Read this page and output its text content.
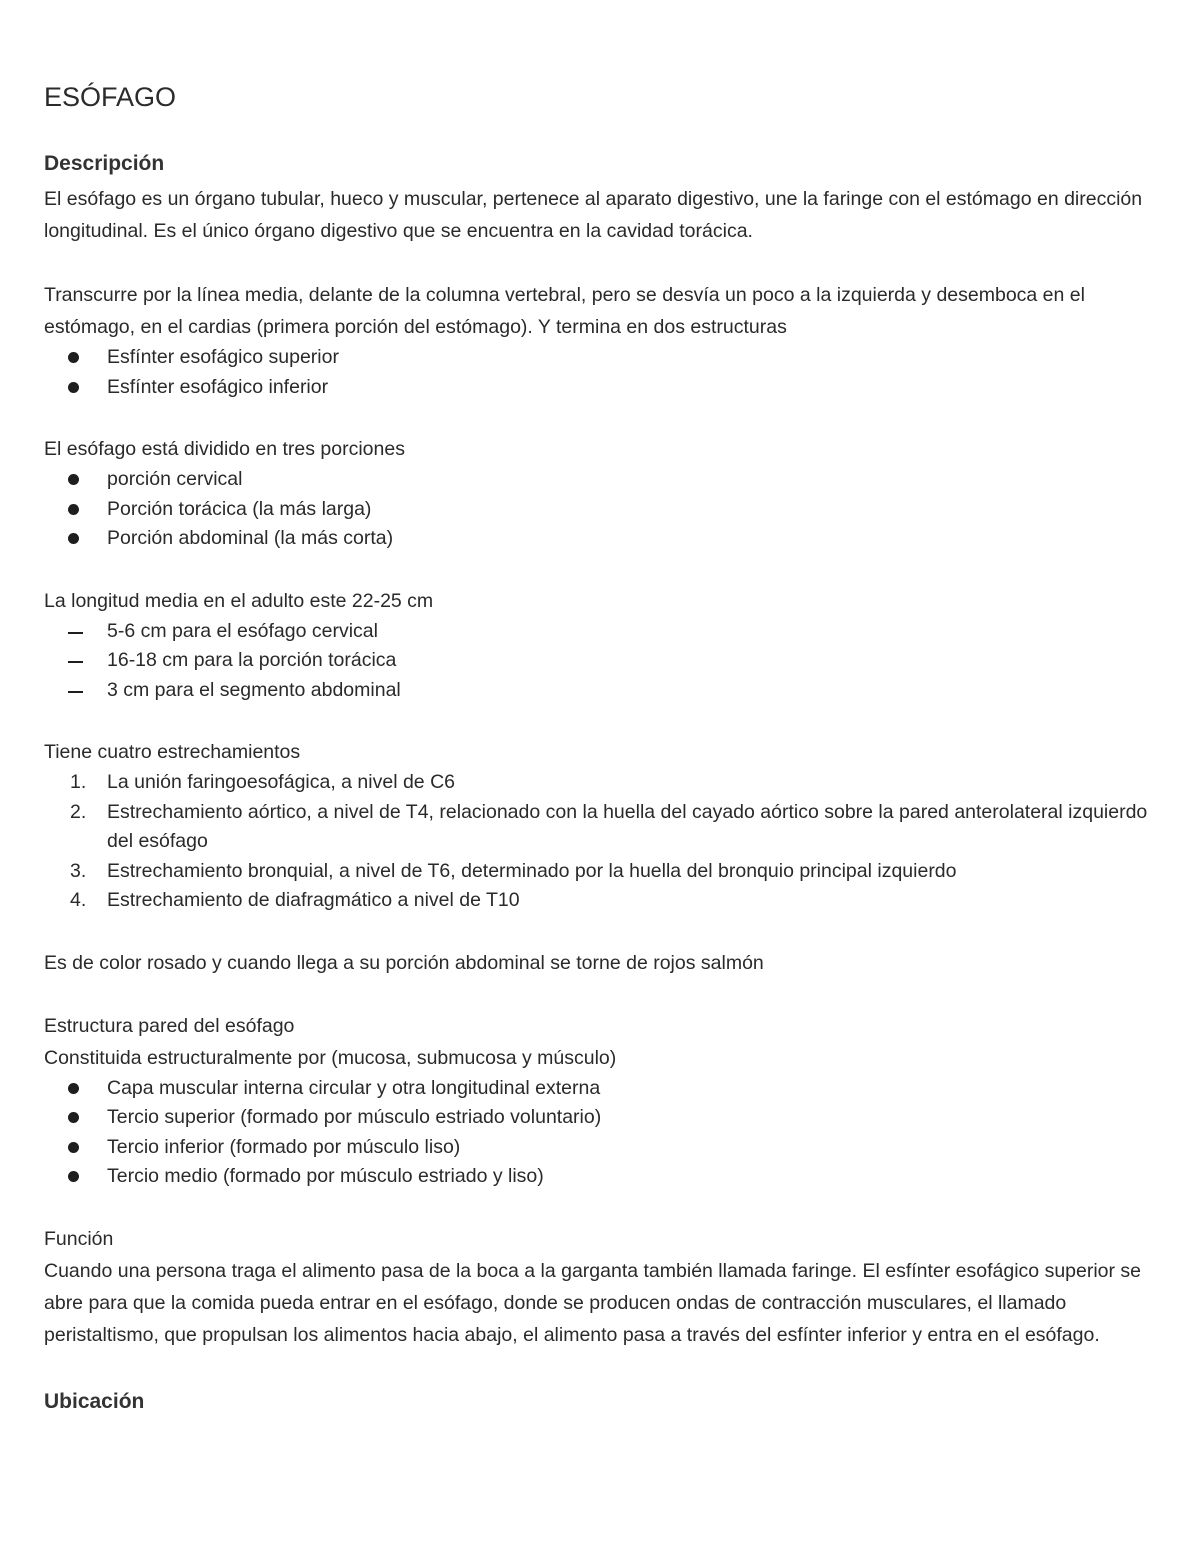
ESÓFAGO
Descripción

El esófago es un órgano tubular, hueco y muscular, pertenece al aparato digestivo, une la faringe con el estómago en dirección longitudinal. Es el único órgano digestivo que se encuentra en la cavidad torácica.

Transcurre por la línea media, delante de la columna vertebral, pero se desvía un poco a la izquierda y desemboca en el estómago, en el cardias (primera porción del estómago). Y termina en dos estructuras

Esfínter esofágico superior
Esfínter esofágico inferior

El esófago está dividido en tres porciones

porción cervical
Porción torácica (la más larga)
Porción abdominal (la más corta)

La longitud media en el adulto este 22-25 cm

5-6 cm para el esófago cervical
16-18 cm para la porción torácica
3 cm para el segmento abdominal

Tiene cuatro estrechamientos

1.	La unión faringoesofágica, a nivel de C6
2.	Estrechamiento aórtico, a nivel de T4, relacionado con la huella del cayado aórtico sobre la pared anterolateral izquierdo del esófago
3.	Estrechamiento bronquial, a nivel de T6, determinado por la huella del bronquio principal izquierdo
4.	Estrechamiento de diafragmático a nivel de T10

Es de color rosado y cuando llega a su porción abdominal se torne de rojos salmón

Estructura pared del esófago

Constituida estructuralmente por (mucosa, submucosa y músculo)

Capa muscular interna circular y otra longitudinal externa
Tercio superior (formado por músculo estriado voluntario)
Tercio inferior (formado por músculo liso)
Tercio medio (formado por músculo estriado y liso)

Función

Cuando una persona traga el alimento pasa de la boca a la garganta también llamada faringe. El esfínter esofágico superior se abre para que la comida pueda entrar en el esófago, donde se producen ondas de contracción musculares, el llamado peristaltismo, que propulsan los alimentos hacia abajo, el alimento pasa a través del esfínter inferior y entra en el esófago.

Ubicación
